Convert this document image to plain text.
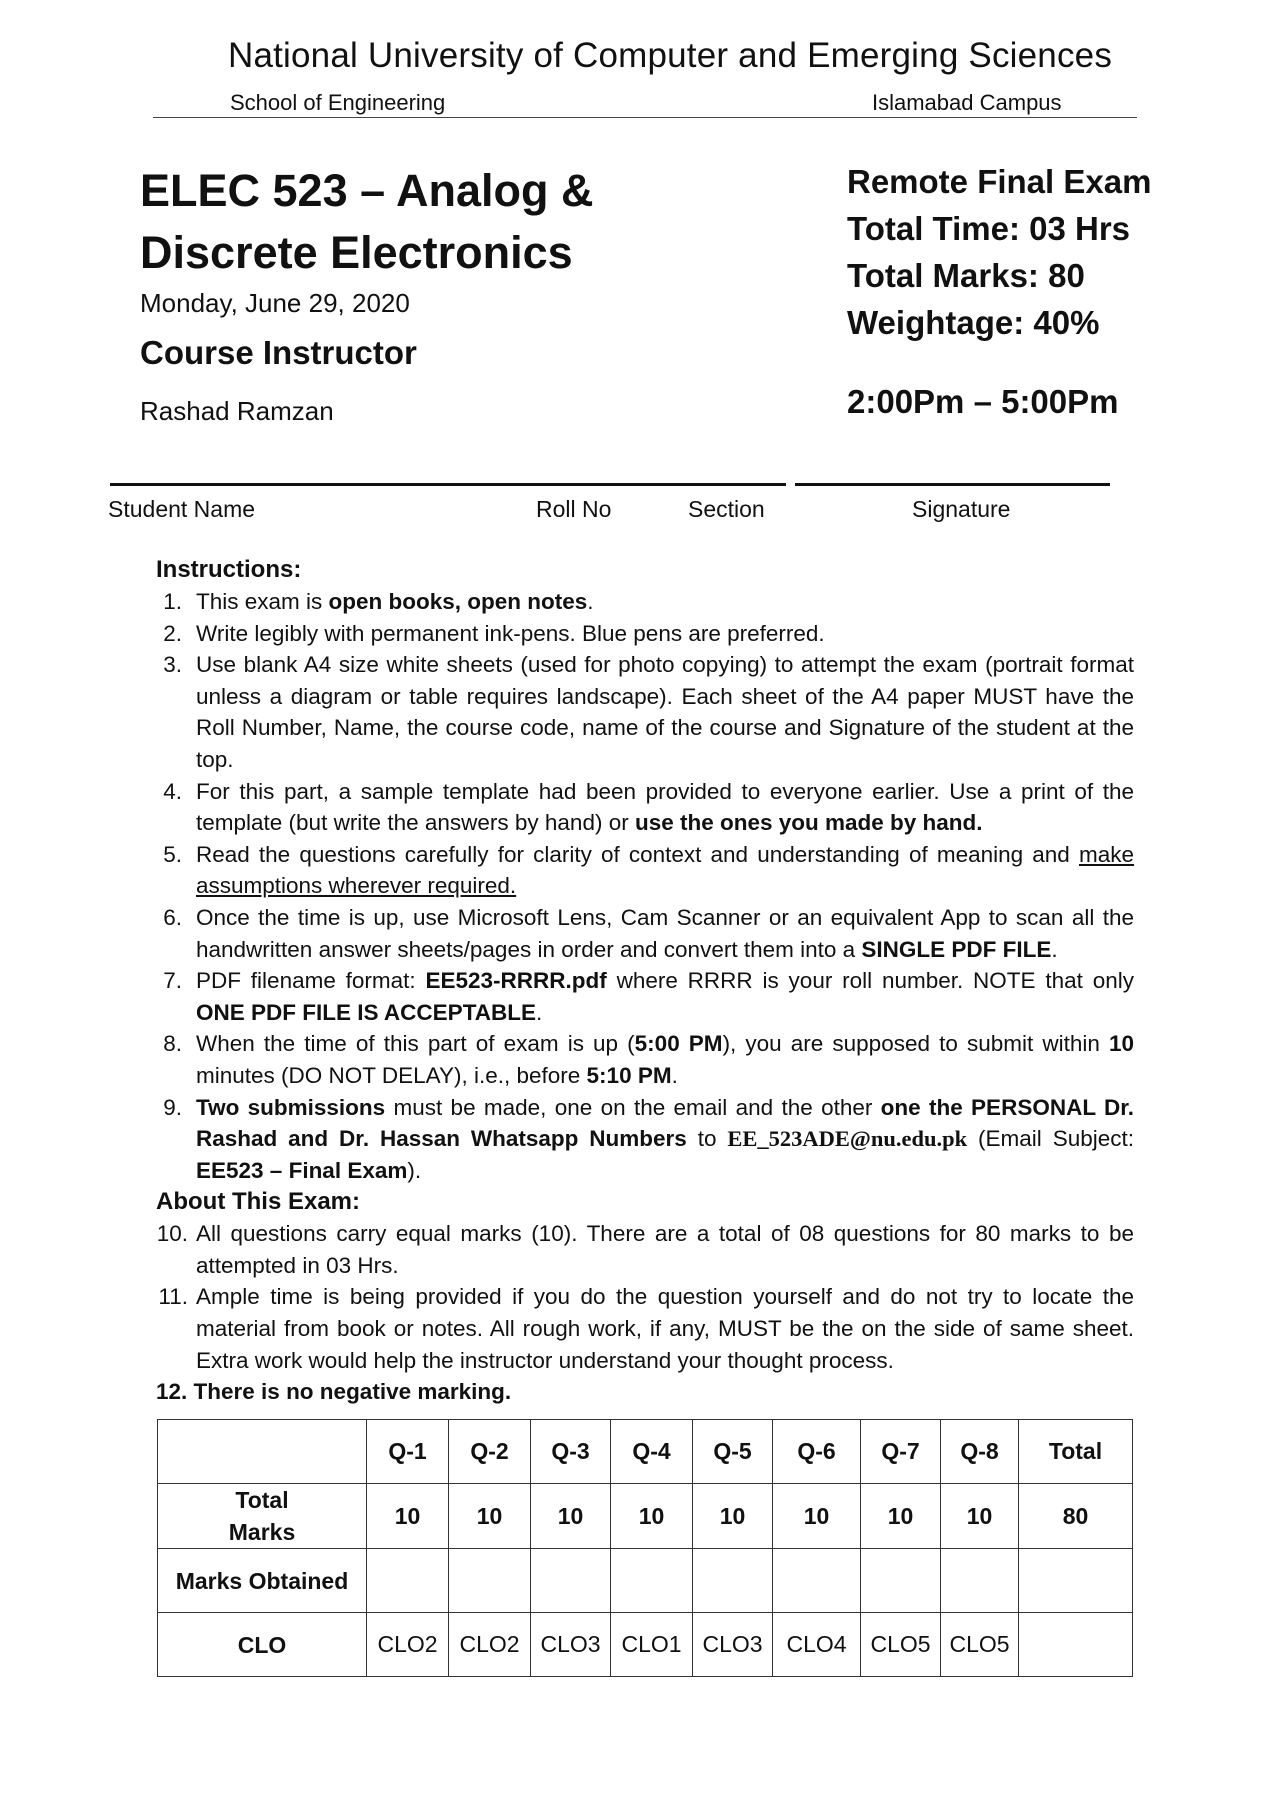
National University of Computer and Emerging Sciences
School of Engineering	Islamabad Campus
ELEC 523 – Analog &
Discrete Electronics
Monday, June 29, 2020
Course Instructor
Rashad Ramzan
Remote Final Exam
Total Time: 03 Hrs
Total Marks: 80
Weightage: 40%
2:00Pm – 5:00Pm
Student Name	Roll No	Section	Signature
Instructions:
1. This exam is open books, open notes.
2. Write legibly with permanent ink-pens. Blue pens are preferred.
3. Use blank A4 size white sheets (used for photo copying) to attempt the exam (portrait format unless a diagram or table requires landscape). Each sheet of the A4 paper MUST have the Roll Number, Name, the course code, name of the course and Signature of the student at the top.
4. For this part, a sample template had been provided to everyone earlier. Use a print of the template (but write the answers by hand) or use the ones you made by hand.
5. Read the questions carefully for clarity of context and understanding of meaning and make assumptions wherever required.
6. Once the time is up, use Microsoft Lens, Cam Scanner or an equivalent App to scan all the handwritten answer sheets/pages in order and convert them into a SINGLE PDF FILE.
7. PDF filename format: EE523-RRRR.pdf where RRRR is your roll number. NOTE that only ONE PDF FILE IS ACCEPTABLE.
8. When the time of this part of exam is up (5:00 PM), you are supposed to submit within 10 minutes (DO NOT DELAY), i.e., before 5:10 PM.
9. Two submissions must be made, one on the email and the other one the PERSONAL Dr. Rashad and Dr. Hassan Whatsapp Numbers to EE_523ADE@nu.edu.pk (Email Subject: EE523 – Final Exam).
About This Exam:
10. All questions carry equal marks (10). There are a total of 08 questions for 80 marks to be attempted in 03 Hrs.
11. Ample time is being provided if you do the question yourself and do not try to locate the material from book or notes. All rough work, if any, MUST be the on the side of same sheet. Extra work would help the instructor understand your thought process.
12. There is no negative marking.
	Q-1	Q-2	Q-3	Q-4	Q-5	Q-6	Q-7	Q-8	Total
Total
Marks	10	10	10	10	10	10	10	10	80
Marks Obtained									
CLO	CLO2	CLO2	CLO3	CLO1	CLO3	CLO4	CLO5	CLO5	
